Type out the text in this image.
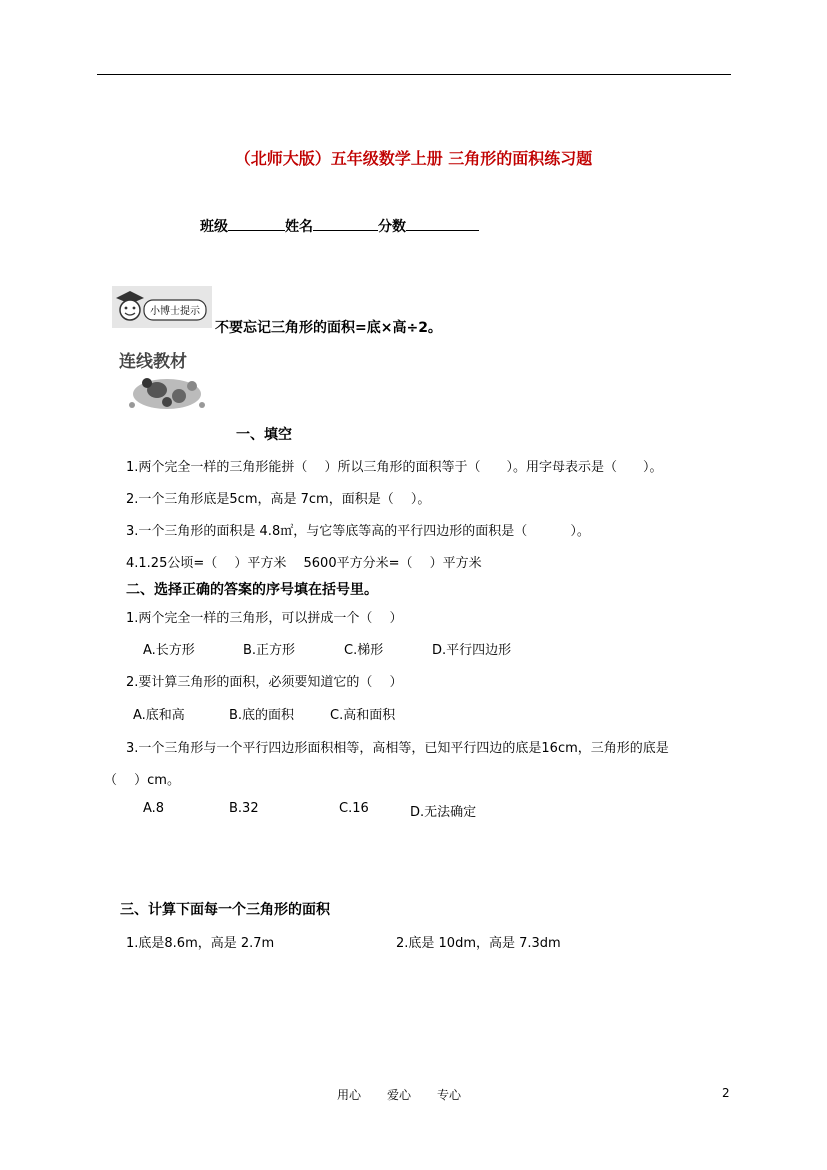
（北师大版）五年级数学上册 三角形的面积练习题
班级	姓名	分数
小博士提示
不要忘记三角形的面积=底×高÷2。
连线教材
一、填空
1.两个完全一样的三角形能拼（　 ）所以三角形的面积等于（　　）。用字母表示是（　　）。
2.一个三角形底是5cm，高是 7cm，面积是（　 ）。
3.一个三角形的面积是 4.8㎡，与它等底等高的平行四边形的面积是（　　　 ）。
4.1.25公顷=（　 ）平方米　 5600平方分米=（　 ）平方米
二、选择正确的答案的序号填在括号里。
1.两个完全一样的三角形，可以拼成一个（　 ）
A.长方形	B.正方形	C.梯形	D.平行四边形
2.要计算三角形的面积，必须要知道它的（　 ）
A.底和高	B.底的面积	C.高和面积
3.一个三角形与一个平行四边形面积相等，高相等，已知平行四边的底是16cm，三角形的底是
（　 ）cm。
A.8	B.32	C.16	D.无法确定
三、计算下面每一个三角形的面积
1.底是8.6m，高是 2.7m	2.底是 10dm，高是 7.3dm
用心 爱心 专心	2
